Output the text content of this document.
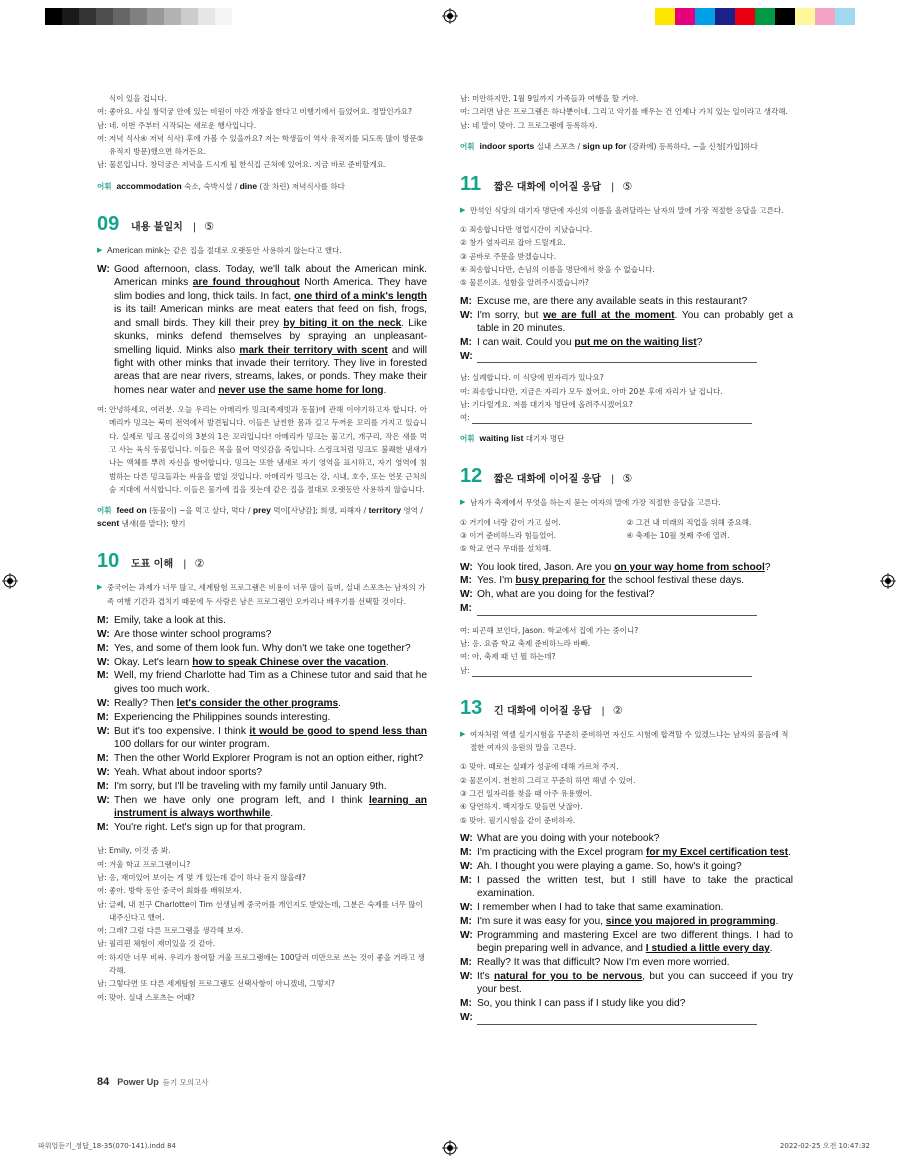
식이 있을 겁니다.
여: 좋아요. 사실 창덕궁 안에 있는 비원이 야간 개장을 한다고 비행기에서 들었어요. 정말인가요?
남: 네. 이번 주부터 시작되는 새로운 행사입니다.
여: 저녁 식사④ 저녁 식사) 후에 가볼 수 있을까요? 저는 학생들이 역사 유적지를 되도록 많이 방문⑤ 유적지 방문)했으면 하거든요.
남: 물론입니다. 창덕궁은 저녁을 드시게 될 한식집 근처에 있어요. 지금 바로 준비할게요.
어휘 accommodation 숙소, 숙박시설 / dine (잘 차린) 저녁식사를 하다
09	내용 불일치 | ⑤
▶ American mink는 같은 집을 절대로 오랫동안 사용하지 않는다고 했다.
W: Good afternoon, class. Today, we'll talk about the American mink. American minks are found throughout North America. They have slim bodies and long, thick tails. In fact, one third of a mink's length is its tail! American minks are meat eaters that feed on fish, frogs, and small birds. They kill their prey by biting it on the neck. Like skunks, minks defend themselves by spraying an unpleasant-smelling liquid. Minks also mark their territory with scent and will fight with other minks that invade their territory. They live in forested areas that are near rivers, streams, lakes, or ponds. They make their homes near water and never use the same home for long.
여: 안녕하세요, 여러분. 오늘 우리는 아메리카 밍크(족제빗과 동물)에 관해 이야기하고자 합니다. 아메리카 밍크는 북미 전역에서 발견됩니다. 이들은 날씬한 몸과 길고 두꺼운 꼬리를 가지고 있습니다. 실제로 밍크 몸길이의 3분의 1은 꼬리입니다! 아메리카 밍크는 물고기, 개구리, 작은 새를 먹고 사는 육식 동물입니다. 이들은 목을 물어 먹잇감을 죽입니다. 스컹크처럼 밍크도 불쾌한 냄새가 나는 액체를 뿌려 자신을 방어합니다. 밍크는 또한 냄새로 자기 영역을 표시하고, 자기 영역에 침범하는 다른 밍크들과는 싸움을 벌일 것입니다. 아메리카 밍크는 강, 시내, 호수, 또는 연못 근처의 숲 지대에 서식합니다. 이들은 물가에 집을 짓는데 같은 집을 절대로 오랫동안 사용하지 않습니다.
어휘 feed on (동물이) ~을 먹고 살다, 먹다 / prey 먹이[사냥감]; 희생, 피해자 / territory 영역 / scent 냄새(를 맡다); 향기
10	도표 이해 | ②
▶ 중국어는 과제가 너무 많고, 세계탐험 프로그램은 비용이 너무 많이 들며, 실내 스포츠는 남자의 가족 여행 기간과 겹치기 때문에 두 사람은 남은 프로그램인 오카리나 배우기를 선택할 것이다.
M: Emily, take a look at this.
W: Are those winter school programs?
M: Yes, and some of them look fun. Why don't we take one together?
W: Okay. Let's learn how to speak Chinese over the vacation.
M: Well, my friend Charlotte had Tim as a Chinese tutor and said that he gives too much work.
W: Really? Then let's consider the other programs.
M: Experiencing the Philippines sounds interesting.
W: But it's too expensive. I think it would be good to spend less than 100 dollars for our winter program.
M: Then the other World Explorer Program is not an option either, right?
W: Yeah. What about indoor sports?
M: I'm sorry, but I'll be traveling with my family until January 9th.
W: Then we have only one program left, and I think learning an instrument is always worthwhile.
M: You're right. Let's sign up for that program.
남: Emily, 이것 좀 봐.
여: 겨울 학교 프로그램이니?
남: 응, 재미있어 보이는 게 몇 개 있는데 같이 하나 듣지 않을래?
여: 좋아. 방학 동안 중국어 회화를 배워보자.
남: 글쎄, 내 친구 Charlotte이 Tim 선생님께 중국어를 개인지도 받았는데, 그분은 숙제를 너무 많이 내주신다고 했어.
여: 그래? 그럼 다른 프로그램을 생각해 보자.
남: 필리핀 체험이 재미있을 것 같아.
여: 하지만 너무 비싸. 우리가 참여할 겨울 프로그램에는 100달러 미만으로 쓰는 것이 좋을 거라고 생각해.
남: 그렇다면 또 다른 세계탐험 프로그램도 선택사항이 아니겠네, 그렇지?
여: 맞아. 실내 스포츠는 어때?
남: 미안하지만, 1월 9일까지 가족들과 여행을 할 거야.
여: 그러면 남은 프로그램은 하나뿐이네. 그리고 악기를 배우는 건 언제나 가치 있는 일이라고 생각해.
남: 네 말이 맞아. 그 프로그램에 등록하자.
어휘 indoor sports 실내 스포츠 / sign up for (강좌에) 등록하다, ~을 신청[가입]하다
11	짧은 대화에 이어질 응답 | ⑤
▶ 만석인 식당의 대기자 명단에 자신의 이름을 올려달라는 남자의 말에 가장 적절한 응답을 고른다.
① 죄송합니다만 영업시간이 지났습니다.
② 창가 옆자리로 잡아 드릴게요.
③ 곧바로 주문을 받겠습니다.
④ 죄송합니다만, 손님의 이름을 명단에서 찾을 수 없습니다.
⑤ 물론이죠. 성함을 알려주시겠습니까?
M: Excuse me, are there any available seats in this restaurant?
W: I'm sorry, but we are full at the moment. You can probably get a table in 20 minutes.
M: I can wait. Could you put me on the waiting list?
W:
남: 실례합니다. 이 식당에 빈자리가 있나요?
여: 죄송합니다만, 지금은 자리가 모두 찼어요. 아마 20분 후에 자리가 날 겁니다.
남: 기다릴게요. 저를 대기자 명단에 올려주시겠어요?
여:
어휘 waiting list 대기자 명단
12	짧은 대화에 이어질 응답 | ⑤
▶ 남자가 축제에서 무엇을 하는지 묻는 여자의 말에 가장 적절한 응답을 고른다.
① 거기에 너랑 같이 가고 싶어.	② 그건 내 미래의 직업을 위해 중요해.
③ 이거 준비하느라 힘들었어.	④ 축제는 10월 첫째 주에 열려.
⑤ 학교 연극 무대를 설치해.
W: You look tired, Jason. Are you on your way home from school?
M: Yes. I'm busy preparing for the school festival these days.
W: Oh, what are you doing for the festival?
M:
여: 피곤해 보인다, Jason. 학교에서 집에 가는 중이니?
남: 응. 요즘 학교 축제 준비하느라 바빠.
여: 아, 축제 때 넌 뭘 하는데?
남:
13	긴 대화에 이어질 응답 | ②
▶ 여자처럼 엑셀 실기시험을 꾸준히 준비하면 자신도 시험에 합격할 수 있겠느냐는 남자의 물음에 적절한 여자의 응원의 말을 고른다.
① 맞아. 때로는 실패가 성공에 대해 가르쳐 주지.
② 물론이지. 천천히 그리고 꾸준히 하면 해낼 수 있어.
③ 그건 일자리를 찾을 때 아주 유용했어.
④ 당연하지. 백지장도 맞들면 낫잖아.
⑤ 맞아. 필기시험을 같이 준비하자.
W: What are you doing with your notebook?
M: I'm practicing with the Excel program for my Excel certification test.
W: Ah. I thought you were playing a game. So, how's it going?
M: I passed the written test, but I still have to take the practical examination.
W: I remember when I had to take that same examination.
M: I'm sure it was easy for you, since you majored in programming.
W: Programming and mastering Excel are two different things. I had to begin preparing well in advance, and I studied a little every day.
M: Really? It was that difficult? Now I'm even more worried.
W: It's natural for you to be nervous, but you can succeed if you try your best.
M: So, you think I can pass if I study like you did?
W:
84 Power Up 듣기 모의고사
파워업듣기_정답_18-35(070-141).indd 84	2022-02-25 오전 10:47:32
